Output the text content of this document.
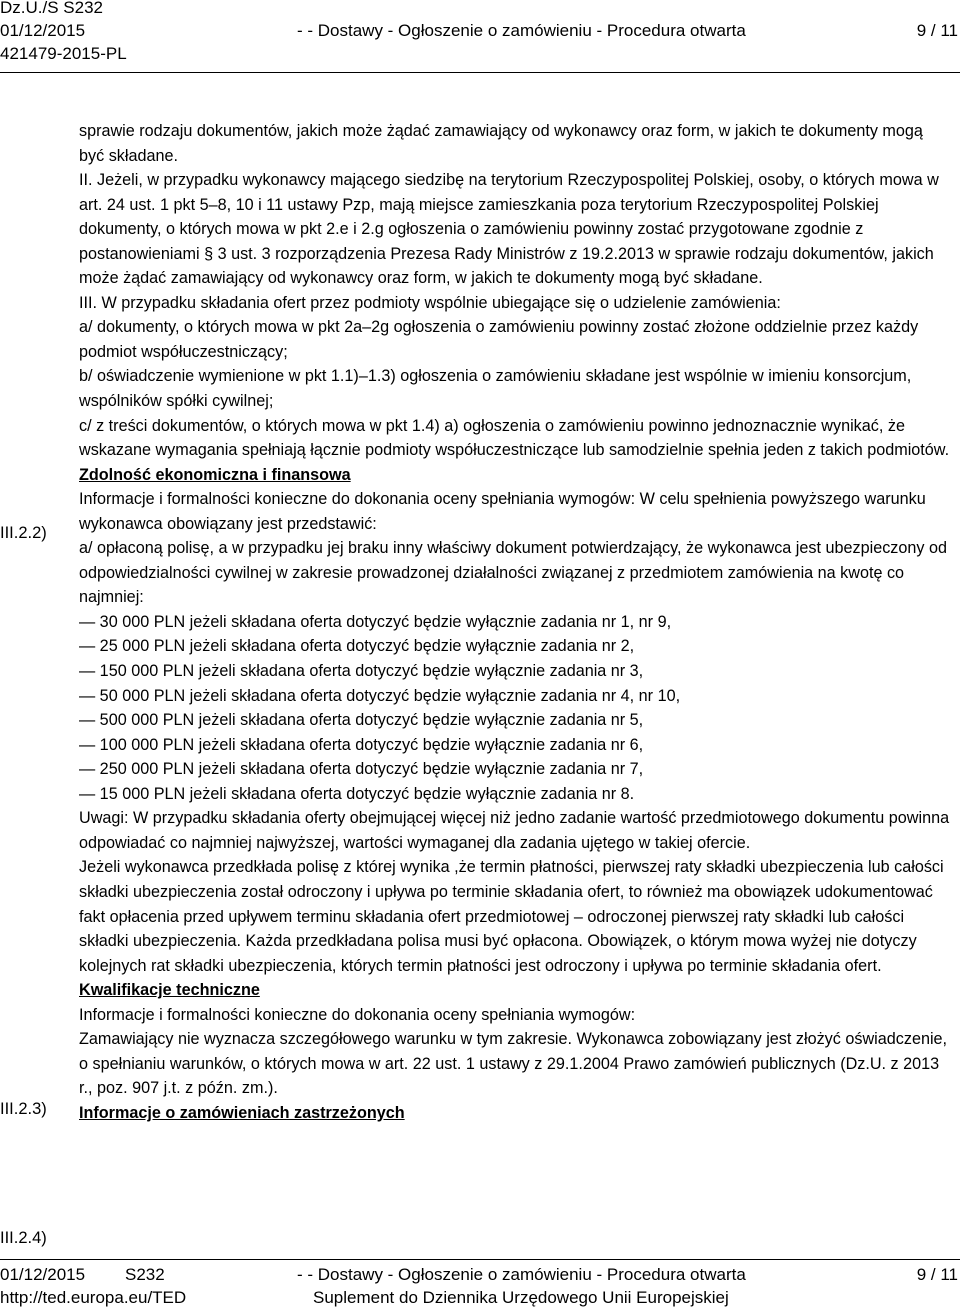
Dz.U./S S232
01/12/2015
421479-2015-PL
- - Dostawy - Ogłoszenie o zamówieniu - Procedura otwarta	9 / 11
III.2.2)
III.2.3)
III.2.4)

sprawie rodzaju dokumentów, jakich może żądać zamawiający od wykonawcy oraz form, w jakich te dokumenty mogą być składane.

II. Jeżeli, w przypadku wykonawcy mającego siedzibę na terytorium Rzeczypospolitej Polskiej, osoby, o których mowa w art. 24 ust. 1 pkt 5–8, 10 i 11 ustawy Pzp, mają miejsce zamieszkania poza terytorium Rzeczypospolitej Polskiej dokumenty, o których mowa w pkt 2.e i 2.g ogłoszenia o zamówieniu powinny zostać przygotowane zgodnie z postanowieniami § 3 ust. 3 rozporządzenia Prezesa Rady Ministrów z 19.2.2013 w sprawie rodzaju dokumentów, jakich może żądać zamawiający od wykonawcy oraz form, w jakich te dokumenty mogą być składane.

III. W przypadku składania ofert przez podmioty wspólnie ubiegające się o udzielenie zamówienia:

a/ dokumenty, o których mowa w pkt 2a–2g ogłoszenia o zamówieniu powinny zostać złożone oddzielnie przez każdy podmiot współuczestniczący;

b/ oświadczenie wymienione w pkt 1.1)–1.3) ogłoszenia o zamówieniu składane jest wspólnie w imieniu konsorcjum, wspólników spółki cywilnej;

c/ z treści dokumentów, o których mowa w pkt 1.4) a) ogłoszenia o zamówieniu powinno jednoznacznie wynikać, że wskazane wymagania spełniają łącznie podmioty współuczestniczące lub samodzielnie spełnia jeden z takich podmiotów.

Zdolność ekonomiczna i finansowa

Informacje i formalności konieczne do dokonania oceny spełniania wymogów: W celu spełnienia powyższego warunku wykonawca obowiązany jest przedstawić:

a/ opłaconą polisę, a w przypadku jej braku inny właściwy dokument potwierdzający, że wykonawca jest ubezpieczony od odpowiedzialności cywilnej w zakresie prowadzonej działalności związanej z przedmiotem zamówienia na kwotę co najmniej:

— 30 000 PLN jeżeli składana oferta dotyczyć będzie wyłącznie zadania nr 1, nr 9,

— 25 000 PLN jeżeli składana oferta dotyczyć będzie wyłącznie zadania nr 2,

— 150 000 PLN jeżeli składana oferta dotyczyć będzie wyłącznie zadania nr 3,

— 50 000 PLN jeżeli składana oferta dotyczyć będzie wyłącznie zadania nr 4, nr 10,

— 500 000 PLN jeżeli składana oferta dotyczyć będzie wyłącznie zadania nr 5,

— 100 000 PLN jeżeli składana oferta dotyczyć będzie wyłącznie zadania nr 6,

— 250 000 PLN jeżeli składana oferta dotyczyć będzie wyłącznie zadania nr 7,

— 15 000 PLN jeżeli składana oferta dotyczyć będzie wyłącznie zadania nr 8.

Uwagi: W przypadku składania oferty obejmującej więcej niż jedno zadanie wartość przedmiotowego dokumentu powinna odpowiadać co najmniej najwyższej, wartości wymaganej dla zadania ujętego w takiej ofercie.

Jeżeli wykonawca przedkłada polisę z której wynika ,że termin płatności, pierwszej raty składki ubezpieczenia lub całości składki ubezpieczenia został odroczony i upływa po terminie składania ofert, to również ma obowiązek udokumentować fakt opłacenia przed upływem terminu składania ofert przedmiotowej – odroczonej pierwszej raty składki lub całości składki ubezpieczenia. Każda przedkładana polisa musi być opłacona. Obowiązek, o którym mowa wyżej nie dotyczy kolejnych rat składki ubezpieczenia, których termin płatności jest odroczony i upływa po terminie składania ofert.

Kwalifikacje techniczne

Informacje i formalności konieczne do dokonania oceny spełniania wymogów:

Zamawiający nie wyznacza szczegółowego warunku w tym zakresie. Wykonawca zobowiązany jest złożyć oświadczenie, o spełnianiu warunków, o których mowa w art. 22 ust. 1 ustawy z 29.1.2004 Prawo zamówień publicznych (Dz.U. z 2013 r., poz. 907 j.t. z późn. zm.).

Informacje o zamówieniach zastrzeżonych

01/12/2015 S232	- - Dostawy - Ogłoszenie o zamówieniu - Procedura otwarta	9 / 11
http://ted.europa.eu/TED	Suplement do Dziennika Urzędowego Unii Europejskiej
